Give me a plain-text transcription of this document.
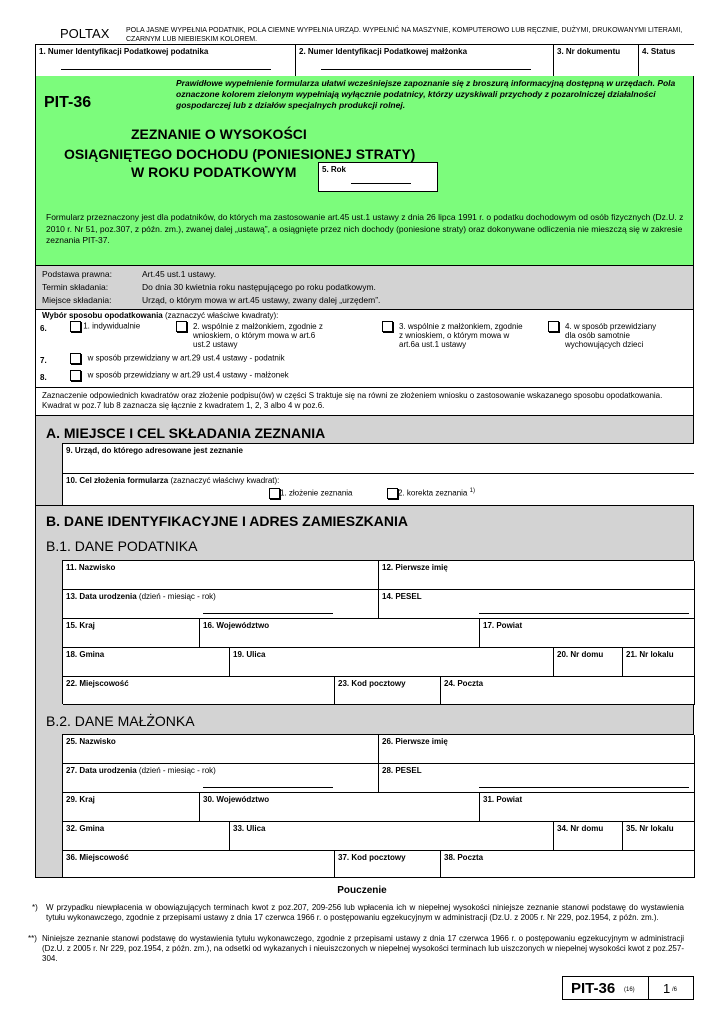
POLTAX POLA JASNE WYPEŁNIA PODATNIK, POLA CIEMNE WYPEŁNIA URZĄD. WYPEŁNIĆ NA MASZYNIE, KOMPUTEROWO LUB RĘCZNIE, DUŻYMI, DRUKOWANYMI LITERAMI, CZARNYM LUB NIEBIESKIM KOLOREM.
1. Numer Identyfikacji Podatkowej podatnika	2. Numer Identyfikacji Podatkowej małżonka	3. Nr dokumentu	4. Status
PIT-36
Prawidłowe wypełnienie formularza ułatwi wcześniejsze zapoznanie się z broszurą informacyjną dostępną w urzędach. Pola oznaczone kolorem zielonym wypełniają wyłącznie podatnicy, którzy uzyskiwali przychody z pozarolniczej działalności gospodarczej lub z działów specjalnych produkcji rolnej.
ZEZNANIE O WYSOKOŚCI
OSIĄGNIĘTEGO DOCHODU (PONIESIONEJ STRATY)
W ROKU PODATKOWYM	5. Rok
Formularz przeznaczony jest dla podatników, do których ma zastosowanie art.45 ust.1 ustawy z dnia 26 lipca 1991 r. o podatku dochodowym od osób fizycznych (Dz.U. z 2010 r. Nr 51, poz.307, z późn. zm.), zwanej dalej „ustawą”, a osiągnięte przez nich dochody (poniesione straty) oraz dokonywane odliczenia nie mieszczą się w zakresie zeznania PIT-37.
Podstawa prawna:	Art.45 ust.1 ustawy.
Termin składania:	Do dnia 30 kwietnia roku następującego po roku podatkowym.
Miejsce składania:	Urząd, o którym mowa w art.45 ustawy, zwany dalej „urzędem”.
Wybór sposobu opodatkowania (zaznaczyć właściwe kwadraty):
6.	1. indywidualnie	2. wspólnie z małżonkiem, zgodnie z wnioskiem, o którym mowa w art.6 ust.2 ustawy
3. wspólnie z małżonkiem, zgodnie z wnioskiem, o którym mowa w art.6a ust.1 ustawy
4. w sposób przewidziany dla osób samotnie wychowujących dzieci
7.	w sposób przewidziany w art.29 ust.4 ustawy - podatnik
8.	w sposób przewidziany w art.29 ust.4 ustawy - małżonek
Zaznaczenie odpowiednich kwadratów oraz złożenie podpisu(ów) w części S traktuje się na równi ze złożeniem wniosku o zastosowanie wskazanego sposobu opodatkowania. Kwadrat w poz.7 lub 8 zaznacza się łącznie z kwadratem 1, 2, 3 albo 4 w poz.6.
A. MIEJSCE I CEL SKŁADANIA ZEZNANIA
9. Urząd, do którego adresowane jest zeznanie
10. Cel złożenia formularza (zaznaczyć właściwy kwadrat):
1. złożenie zeznania	2. korekta zeznania $^{1)}$
B. DANE IDENTYFIKACYJNE I ADRES ZAMIESZKANIA
B.1. DANE PODATNIKA
11. Nazwisko	12. Pierwsze imię
13. Data urodzenia (dzień - miesiąc - rok)	14. PESEL
15. Kraj	16. Województwo	17. Powiat
18. Gmina	19. Ulica	20. Nr domu	21. Nr lokalu
22. Miejscowość	23. Kod pocztowy	24. Poczta
B.2. DANE MAŁŻONKA
25. Nazwisko	26. Pierwsze imię
27. Data urodzenia (dzień - miesiąc - rok)	28. PESEL
29. Kraj	30. Województwo	31. Powiat
32. Gmina	33. Ulica	34. Nr domu	35. Nr lokalu
36. Miejscowość	37. Kod pocztowy	38. Poczta
Pouczenie
*) W przypadku niewpłacenia w obowiązujących terminach kwot z poz.207, 209-256 lub wpłacenia ich w niepełnej wysokości niniejsze zeznanie stanowi podstawę do wystawienia tytułu wykonawczego, zgodnie z przepisami ustawy z dnia 17 czerwca 1966 r. o postępowaniu egzekucyjnym w administracji (Dz.U. z 2005 r. Nr 229, poz.1954, z późn. zm.).
**) Niniejsze zeznanie stanowi podstawę do wystawienia tytułu wykonawczego, zgodnie z przepisami ustawy z dnia 17 czerwca 1966 r. o postępowaniu egzekucyjnym w administracji (Dz.U. z 2005 r. Nr 229, poz.1954, z późn. zm.), na odsetki od wykazanych i nieuiszczonych w niepełnej wysokości terminach lub uiszczonych w niepełnej wysokości kwot z poz.257-304.
PIT-36 (16) 1 /6
